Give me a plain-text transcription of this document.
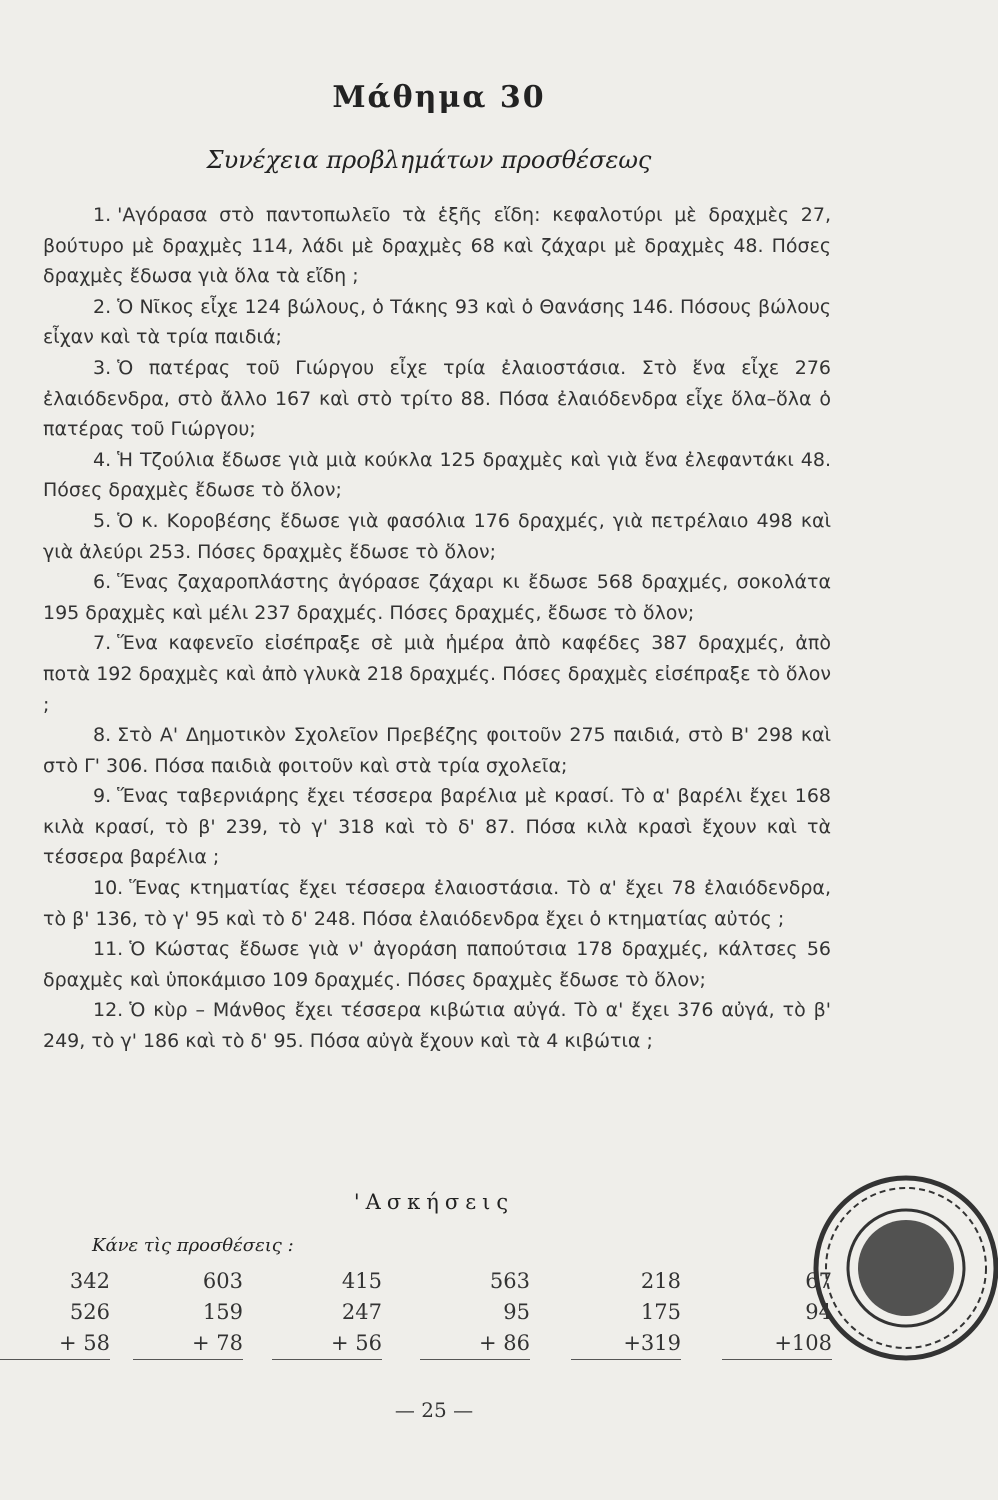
Μάθημα 30
Συνέχεια προβλημάτων προσθέσεως

1. 'Αγόρασα στὸ παντοπωλεῖο τὰ ἑξῆς εἴδη: κεφαλοτύρι μὲ δραχμὲς 27, βούτυρο μὲ δραχμὲς 114, λάδι μὲ δραχμὲς 68 καὶ ζάχαρι μὲ δραχμὲς 48. Πόσες δραχμὲς ἔδωσα γιὰ ὅλα τὰ εἴδη ;

2. Ὁ Νῖκος εἶχε 124 βώλους, ὁ Τάκης 93 καὶ ὁ Θανάσης 146. Πόσους βώλους εἶχαν καὶ τὰ τρία παιδιά;

3. Ὁ πατέρας τοῦ Γιώργου εἶχε τρία ἐλαιοστάσια. Στὸ ἕνα εἶχε 276 ἐλαιόδενδρα, στὸ ἄλλο 167 καὶ στὸ τρίτο 88. Πόσα ἐλαιόδενδρα εἶχε ὅλα–ὅλα ὁ πατέρας τοῦ Γιώργου;

4. Ἡ Τζούλια ἔδωσε γιὰ μιὰ κούκλα 125 δραχμὲς καὶ γιὰ ἕνα ἐλεφαντάκι 48. Πόσες δραχμὲς ἔδωσε τὸ ὅλον;

5. Ὁ κ. Κοροβέσης ἔδωσε γιὰ φασόλια 176 δραχμές, γιὰ πετρέλαιο 498 καὶ γιὰ ἀλεύρι 253. Πόσες δραχμὲς ἔδωσε τὸ ὅλον;

6. Ἕνας ζαχαροπλάστης ἀγόρασε ζάχαρι κι ἔδωσε 568 δραχμές, σοκολάτα 195 δραχμὲς καὶ μέλι 237 δραχμές. Πόσες δραχμές, ἔδωσε τὸ ὅλον;

7. Ἕνα καφενεῖο εἰσέπραξε σὲ μιὰ ἡμέρα ἀπὸ καφέδες 387 δραχμές, ἀπὸ ποτὰ 192 δραχμὲς καὶ ἀπὸ γλυκὰ 218 δραχμές. Πόσες δραχμὲς εἰσέπραξε τὸ ὅλον ;

8. Στὸ Α' Δημοτικὸν Σχολεῖον Πρεβέζης φοιτοῦν 275 παιδιά, στὸ Β' 298 καὶ στὸ Γ' 306. Πόσα παιδιὰ φοιτοῦν καὶ στὰ τρία σχολεῖα;

9. Ἕνας ταβερνιάρης ἔχει τέσσερα βαρέλια μὲ κρασί. Τὸ α' βαρέλι ἔχει 168 κιλὰ κρασί, τὸ β' 239, τὸ γ' 318 καὶ τὸ δ' 87. Πόσα κιλὰ κρασὶ ἔχουν καὶ τὰ τέσσερα βαρέλια ;

10. Ἕνας κτηματίας ἔχει τέσσερα ἐλαιοστάσια. Τὸ α' ἔχει 78 ἐλαιόδενδρα, τὸ β' 136, τὸ γ' 95 καὶ τὸ δ' 248. Πόσα ἐλαιόδενδρα ἔχει ὁ κτηματίας αὐτός ;

11. Ὁ Κώστας ἔδωσε γιὰ ν' ἀγοράση παπούτσια 178 δραχμές, κάλτσες 56 δραχμὲς καὶ ὑποκάμισο 109 δραχμές. Πόσες δραχμὲς ἔδωσε τὸ ὅλον;

12. Ὁ κὺρ – Μάνθος ἔχει τέσσερα κιβώτια αὐγά. Τὸ α' ἔχει 376 αὐγά, τὸ β' 249, τὸ γ' 186 καὶ τὸ δ' 95. Πόσα αὐγὰ ἔχουν καὶ τὰ 4 κιβώτια ;

'Ασκήσεις
Κάνε τὶς προσθέσεις :
342
526
+ 58
603
159
+ 78
415
247
+ 56
563
95
+ 86
218
175
+319
67
94
+108
— 25 —
